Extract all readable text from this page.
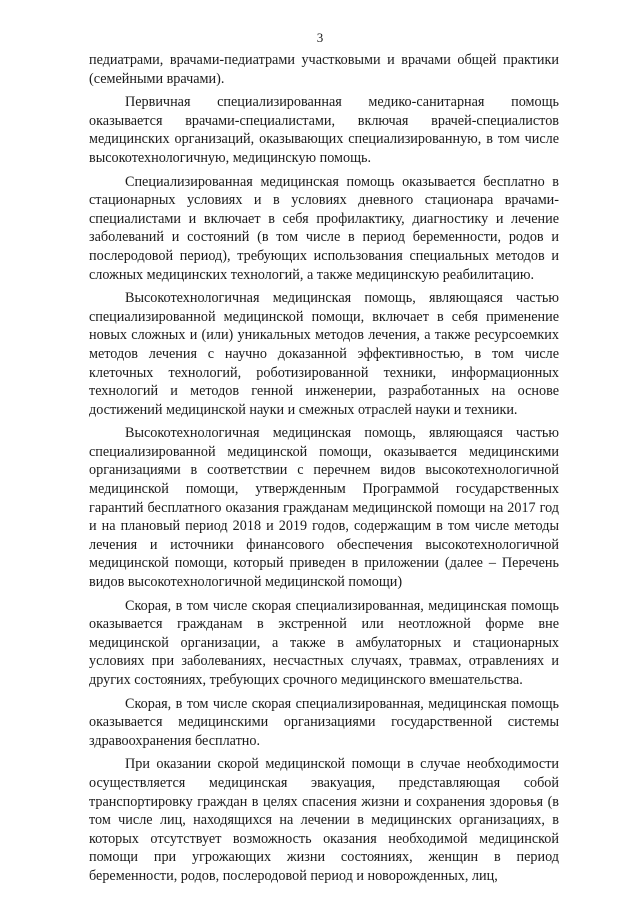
3

педиатрами, врачами-педиатрами участковыми и врачами общей практики (семейными врачами).

Первичная специализированная медико-санитарная помощь оказывается врачами-специалистами, включая врачей-специалистов медицинских организаций, оказывающих специализированную, в том числе высокотехнологичную, медицинскую помощь.

Специализированная медицинская помощь оказывается бесплатно в стационарных условиях и в условиях дневного стационара врачами-специалистами и включает в себя профилактику, диагностику и лечение заболеваний и состояний (в том числе в период беременности, родов и послеродовой период), требующих использования специальных методов и сложных медицинских технологий, а также медицинскую реабилитацию.

Высокотехнологичная медицинская помощь, являющаяся частью специализированной медицинской помощи, включает в себя применение новых сложных и (или) уникальных методов лечения, а также ресурсоемких методов лечения с научно доказанной эффективностью, в том числе клеточных технологий, роботизированной техники, информационных технологий и методов генной инженерии, разработанных на основе достижений медицинской науки и смежных отраслей науки и техники.

Высокотехнологичная медицинская помощь, являющаяся частью специализированной медицинской помощи, оказывается медицинскими организациями в соответствии с перечнем видов высокотехнологичной медицинской помощи, утвержденным Программой государственных гарантий бесплатного оказания гражданам медицинской помощи на 2017 год и на плановый период 2018 и 2019 годов, содержащим в том числе методы лечения и источники финансового обеспечения высокотехнологичной медицинской помощи, который приведен в приложении (далее – Перечень видов высокотехнологичной медицинской помощи)

Скорая, в том числе скорая специализированная, медицинская помощь оказывается гражданам в экстренной или неотложной форме вне медицинской организации, а также в амбулаторных и стационарных условиях при заболеваниях, несчастных случаях, травмах, отравлениях и других состояниях, требующих срочного медицинского вмешательства.

Скорая, в том числе скорая специализированная, медицинская помощь оказывается медицинскими организациями государственной системы здравоохранения бесплатно.

При оказании скорой медицинской помощи в случае необходимости осуществляется медицинская эвакуация, представляющая собой транспортировку граждан в целях спасения жизни и сохранения здоровья (в том числе лиц, находящихся на лечении в медицинских организациях, в которых отсутствует возможность оказания необходимой медицинской помощи при угрожающих жизни состояниях, женщин в период беременности, родов, послеродовой период и новорожденных, лиц,
